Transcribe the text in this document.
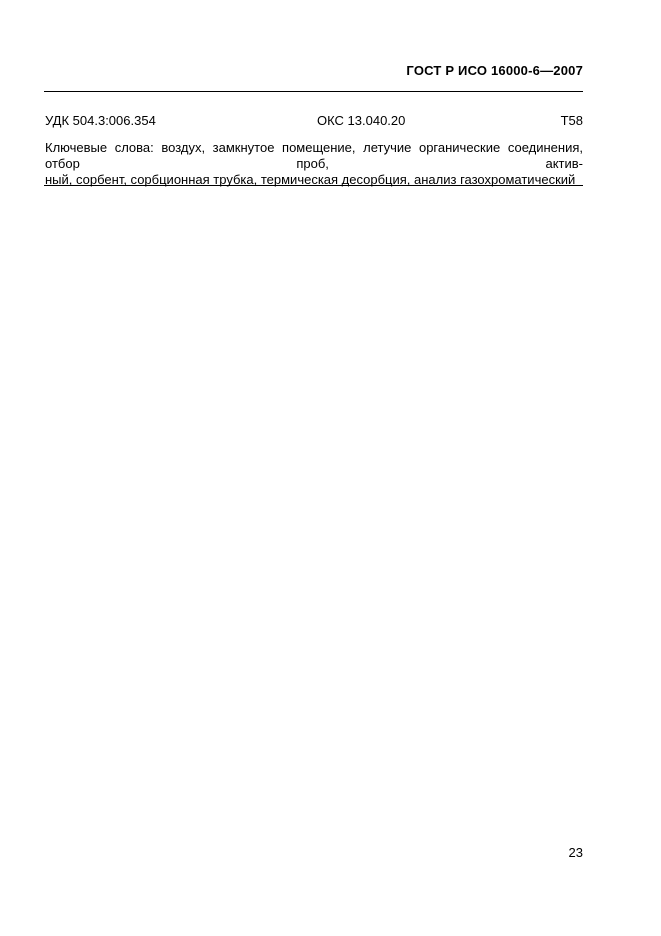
ГОСТ Р ИСО 16000-6—2007
УДК 504.3:006.354	ОКС 13.040.20	Т58
Ключевые слова: воздух, замкнутое помещение, летучие органические соединения, отбор проб, актив-
ный, сорбент, сорбционная трубка, термическая десорбция, анализ газохроматический
23
